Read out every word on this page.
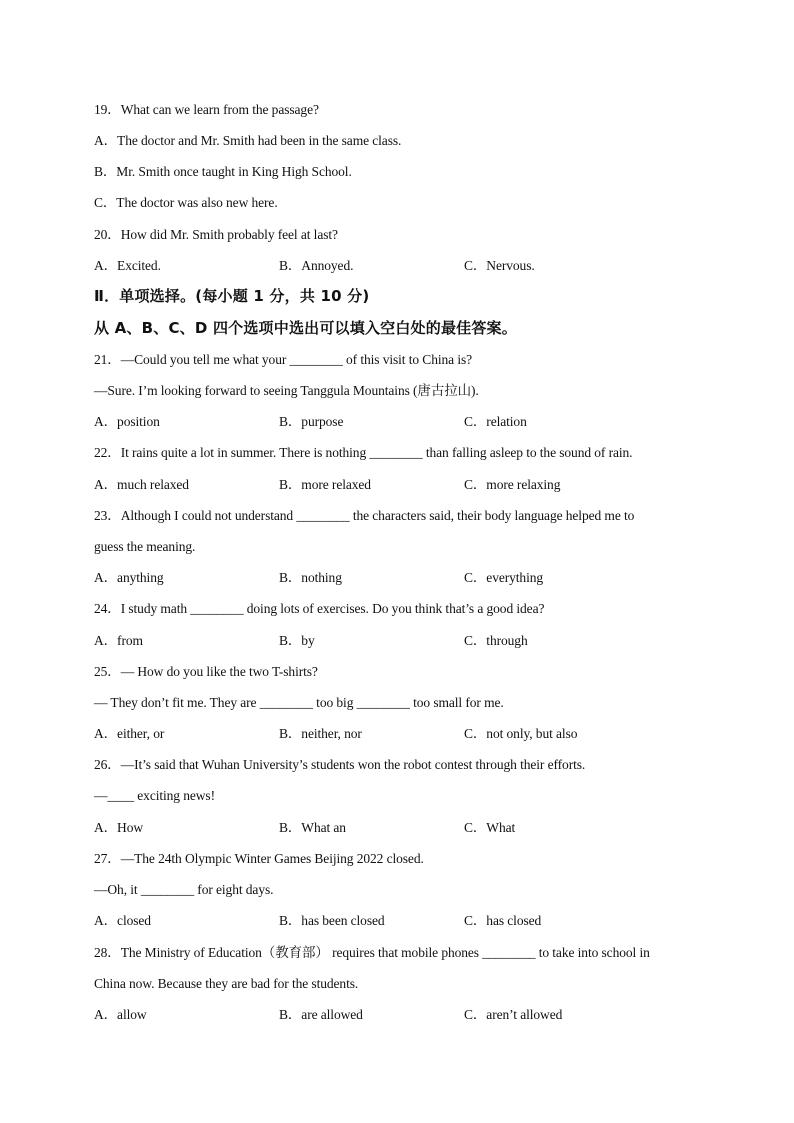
19．What can we learn from the passage?
A．The doctor and Mr. Smith had been in the same class.
B．Mr. Smith once taught in King High School.
C．The doctor was also new here.
20．How did Mr. Smith probably feel at last?
A．Excited.	B．Annoyed.	C．Nervous.
Ⅱ．单项选择。(每小题 1 分，共 10 分)
从 A、B、C、D 四个选项中选出可以填入空白处的最佳答案。
21．—Could you tell me what your ________ of this visit to China is?
—Sure. I’m looking forward to seeing Tanggula Mountains (唐古拉山).
A．position	B．purpose	C．relation
22．It rains quite a lot in summer. There is nothing ________ than falling asleep to the sound of rain.
A．much relaxed	B．more relaxed	C．more relaxing
23．Although I could not understand ________ the characters said, their body language helped me to
guess the meaning.
A．anything	B．nothing	C．everything
24．I study math ________ doing lots of exercises. Do you think that’s a good idea?
A．from	B．by	C．through
25．— How do you like the two T-shirts?
— They don’t fit me. They are ________ too big ________ too small for me.
A．either, or	B．neither, nor	C．not only, but also
26．—It’s said that Wuhan University’s students won the robot contest through their efforts.
—____ exciting news!
A．How	B．What an	C．What
27．—The 24th Olympic Winter Games Beijing 2022 closed.
—Oh, it ________ for eight days.
A．closed	B．has been closed	C．has closed
28．The Ministry of Education（教育部） requires that mobile phones ________ to take into school in
China now. Because they are bad for the students.
A．allow	B．are allowed	C．aren’t allowed
